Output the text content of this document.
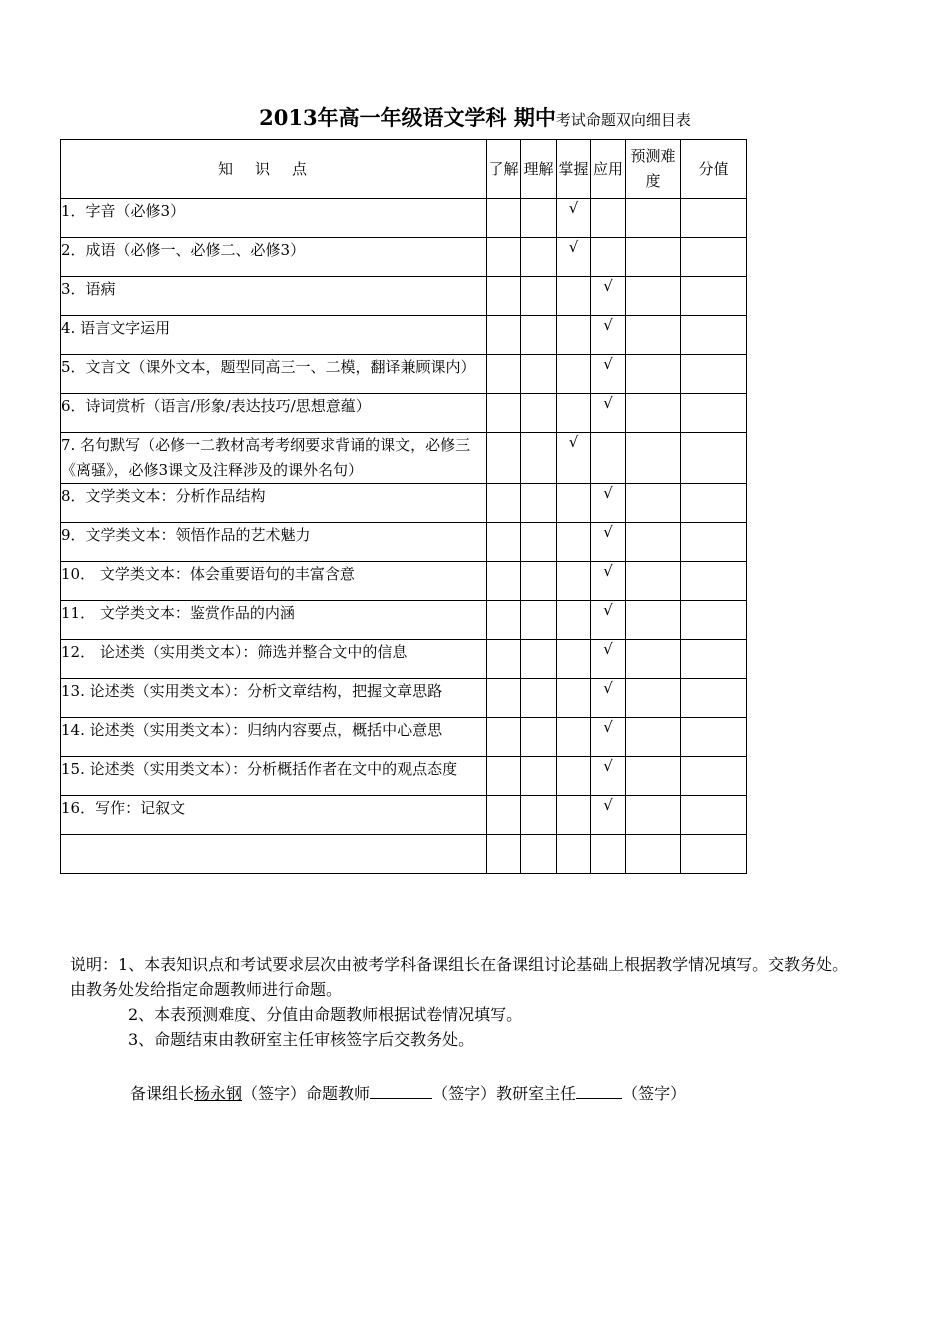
2013年高一年级语文学科 期中考试命题双向细目表
知识点	了解	理解	掌握	应用	预测难度	分值
1．字音（必修3）			√			
2．成语（必修一、必修二、必修3）			√			
3．语病				√		
4. 语言文字运用				√		
5．文言文（课外文本，题型同高三一、二模，翻译兼顾课内）				√		
6．诗词赏析（语言/形象/表达技巧/思想意蕴）				√		
7. 名句默写（必修一二教材高考考纲要求背诵的课文，必修三《离骚》，必修3课文及注释涉及的课外名句）			√			
8．文学类文本：分析作品结构				√		
9．文学类文本：领悟作品的艺术魅力				√		
10． 文学类文本：体会重要语句的丰富含意				√		
11． 文学类文本：鉴赏作品的内涵				√		
12． 论述类（实用类文本）：筛选并整合文中的信息				√		
13. 论述类（实用类文本）：分析文章结构，把握文章思路				√		
14. 论述类（实用类文本）：归纳内容要点，概括中心意思				√		
15. 论述类（实用类文本）：分析概括作者在文中的观点态度				√		
16．写作：记叙文				√		

说明：1、本表知识点和考试要求层次由被考学科备课组长在备课组讨论基础上根据教学情况填写。交教务处。由教务处发给指定命题教师进行命题。
2、本表预测难度、分值由命题教师根据试卷情况填写。
3、命题结束由教研室主任审核签字后交教务处。
备课组长杨永钢（签字）命题教师	（签字）教研室主任	（签字）
